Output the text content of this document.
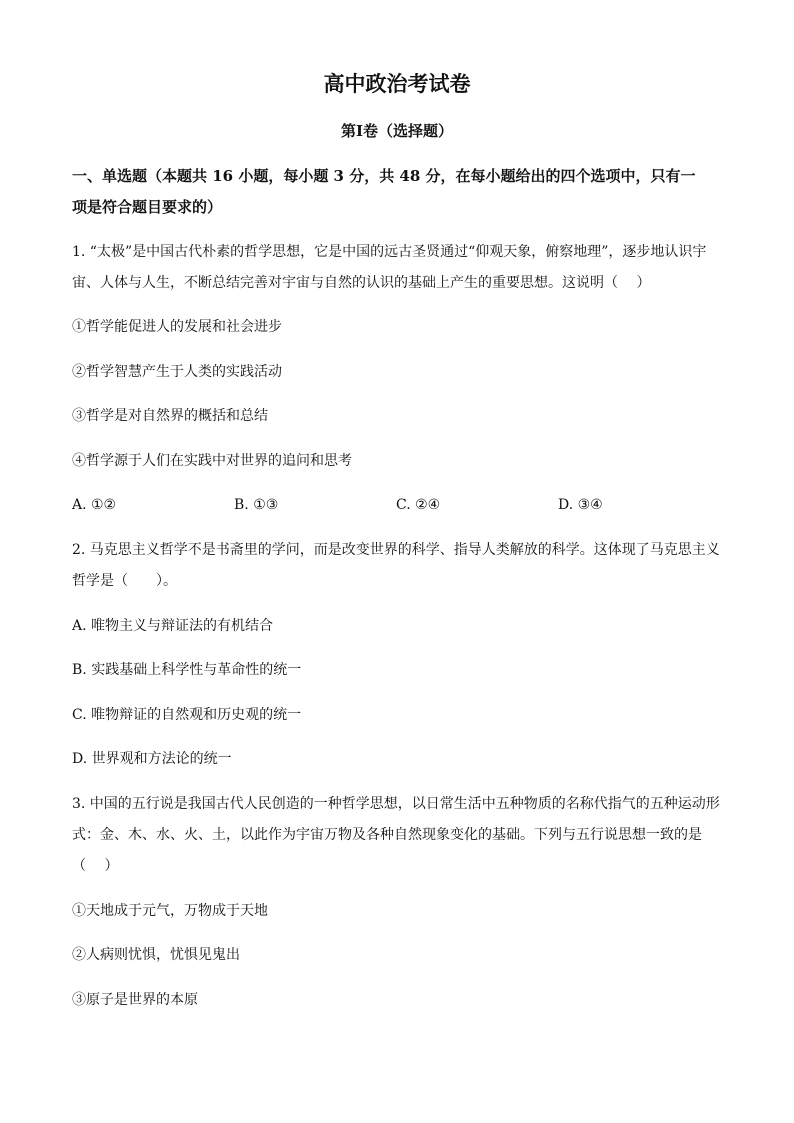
高中政治考试卷
第Ⅰ卷（选择题）
一、单选题（本题共 16 小题，每小题 3 分，共 48 分，在每小题给出的四个选项中，只有一
项是符合题目要求的）
1. “太极”是中国古代朴素的哲学思想，它是中国的远古圣贤通过“仰观天象，俯察地理”，逐步地认识宇
宙、人体与人生，不断总结完善对宇宙与自然的认识的基础上产生的重要思想。这说明（　 ）
①哲学能促进人的发展和社会进步
②哲学智慧产生于人类的实践活动
③哲学是对自然界的概括和总结
④哲学源于人们在实践中对世界的追问和思考
A. ①②	B. ①③	C. ②④	D. ③④
2. 马克思主义哲学不是书斋里的学问，而是改变世界的科学、指导人类解放的科学。这体现了马克思主义
哲学是（　　）。
A. 唯物主义与辩证法的有机结合
B. 实践基础上科学性与革命性的统一
C. 唯物辩证的自然观和历史观的统一
D. 世界观和方法论的统一
3. 中国的五行说是我国古代人民创造的一种哲学思想，以日常生活中五种物质的名称代指气的五种运动形
式：金、木、水、火、土，以此作为宇宙万物及各种自然现象变化的基础。下列与五行说思想一致的是
（　 ）
①天地成于元气，万物成于天地
②人病则忧惧，忧惧见鬼出
③原子是世界的本原
